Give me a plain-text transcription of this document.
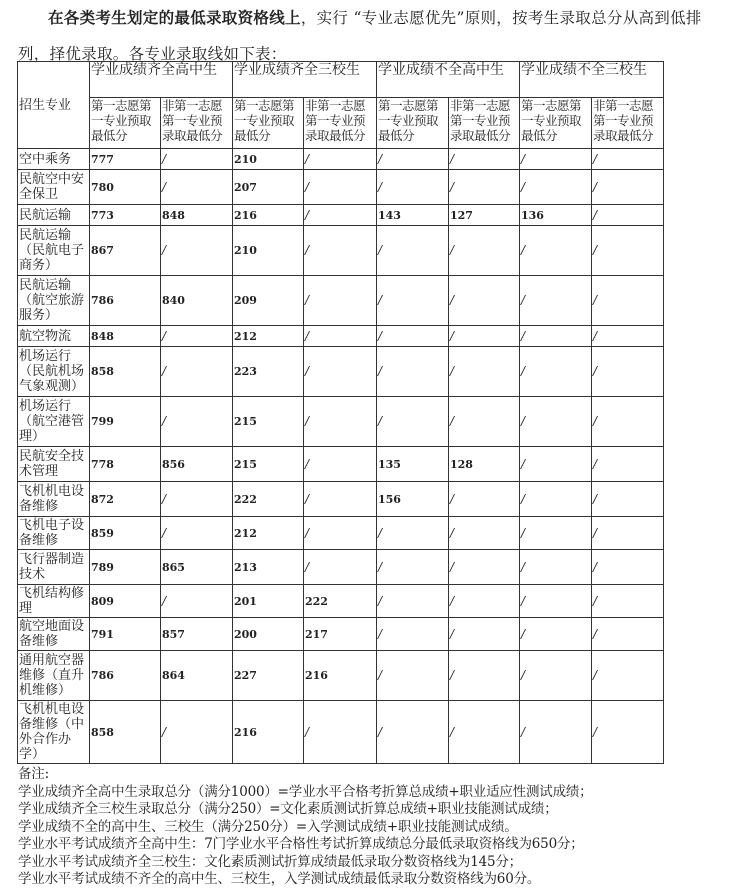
在各类考生划定的最低录取资格线上，实行 “专业志愿优先”原则，按考生录取总分从高到低排

列，择优录取。各专业录取线如下表：

招生专业	学业成绩齐全高中生		学业成绩齐全三校生		学业成绩不全高中生		学业成绩不全三校生	
	第一志愿第一专业预取最低分	非第一志愿第一专业预录取最低分	第一志愿第一专业预取最低分	非第一志愿第一专业预录取最低分	第一志愿第一专业预取最低分	非第一志愿第一专业预录取最低分	第一志愿第一专业预取最低分	非第一志愿第一专业预录取最低分
空中乘务	777	/	210	/	/	/	/	/
民航空中安全保卫	780	/	207	/	/	/	/	/
民航运输	773	848	216	/	143	127	136	/
民航运输（民航电子商务）	867	/	210	/	/	/	/	/
民航运输（航空旅游服务）	786	840	209	/	/	/	/	/
航空物流	848	/	212	/	/	/	/	/
机场运行（民航机场气象观测）	858	/	223	/	/	/	/	/
机场运行（航空港管理）	799	/	215	/	/	/	/	/
民航安全技术管理	778	856	215	/	135	128	/	/
飞机机电设备维修	872	/	222	/	156	/	/	/
飞机电子设备维修	859	/	212	/	/	/	/	/
飞行器制造技术	789	865	213	/	/	/	/	/
飞机结构修理	809	/	201	222	/	/	/	/
航空地面设备维修	791	857	200	217	/	/	/	/
通用航空器维修（直升机维修）	786	864	227	216	/	/	/	/
飞机机电设备维修（中外合作办学）	858	/	216	/	/	/	/	/
备注:
学业成绩齐全高中生录取总分（满分1000）=学业水平合格考折算总成绩+职业适应性测试成绩；
学业成绩齐全三校生录取总分（满分250）=文化素质测试折算总成绩+职业技能测试成绩；
学业成绩不全的高中生、三校生（满分250分）=入学测试成绩+职业技能测试成绩。
学业水平考试成绩齐全高中生：7门学业水平合格性考试折算成绩总分最低录取资格线为650分；
学业水平考试成绩齐全三校生：文化素质测试折算成绩最低录取分数资格线为145分；
学业水平考试成绩不齐全的高中生、三校生，入学测试成绩最低录取分数资格线为60分。
